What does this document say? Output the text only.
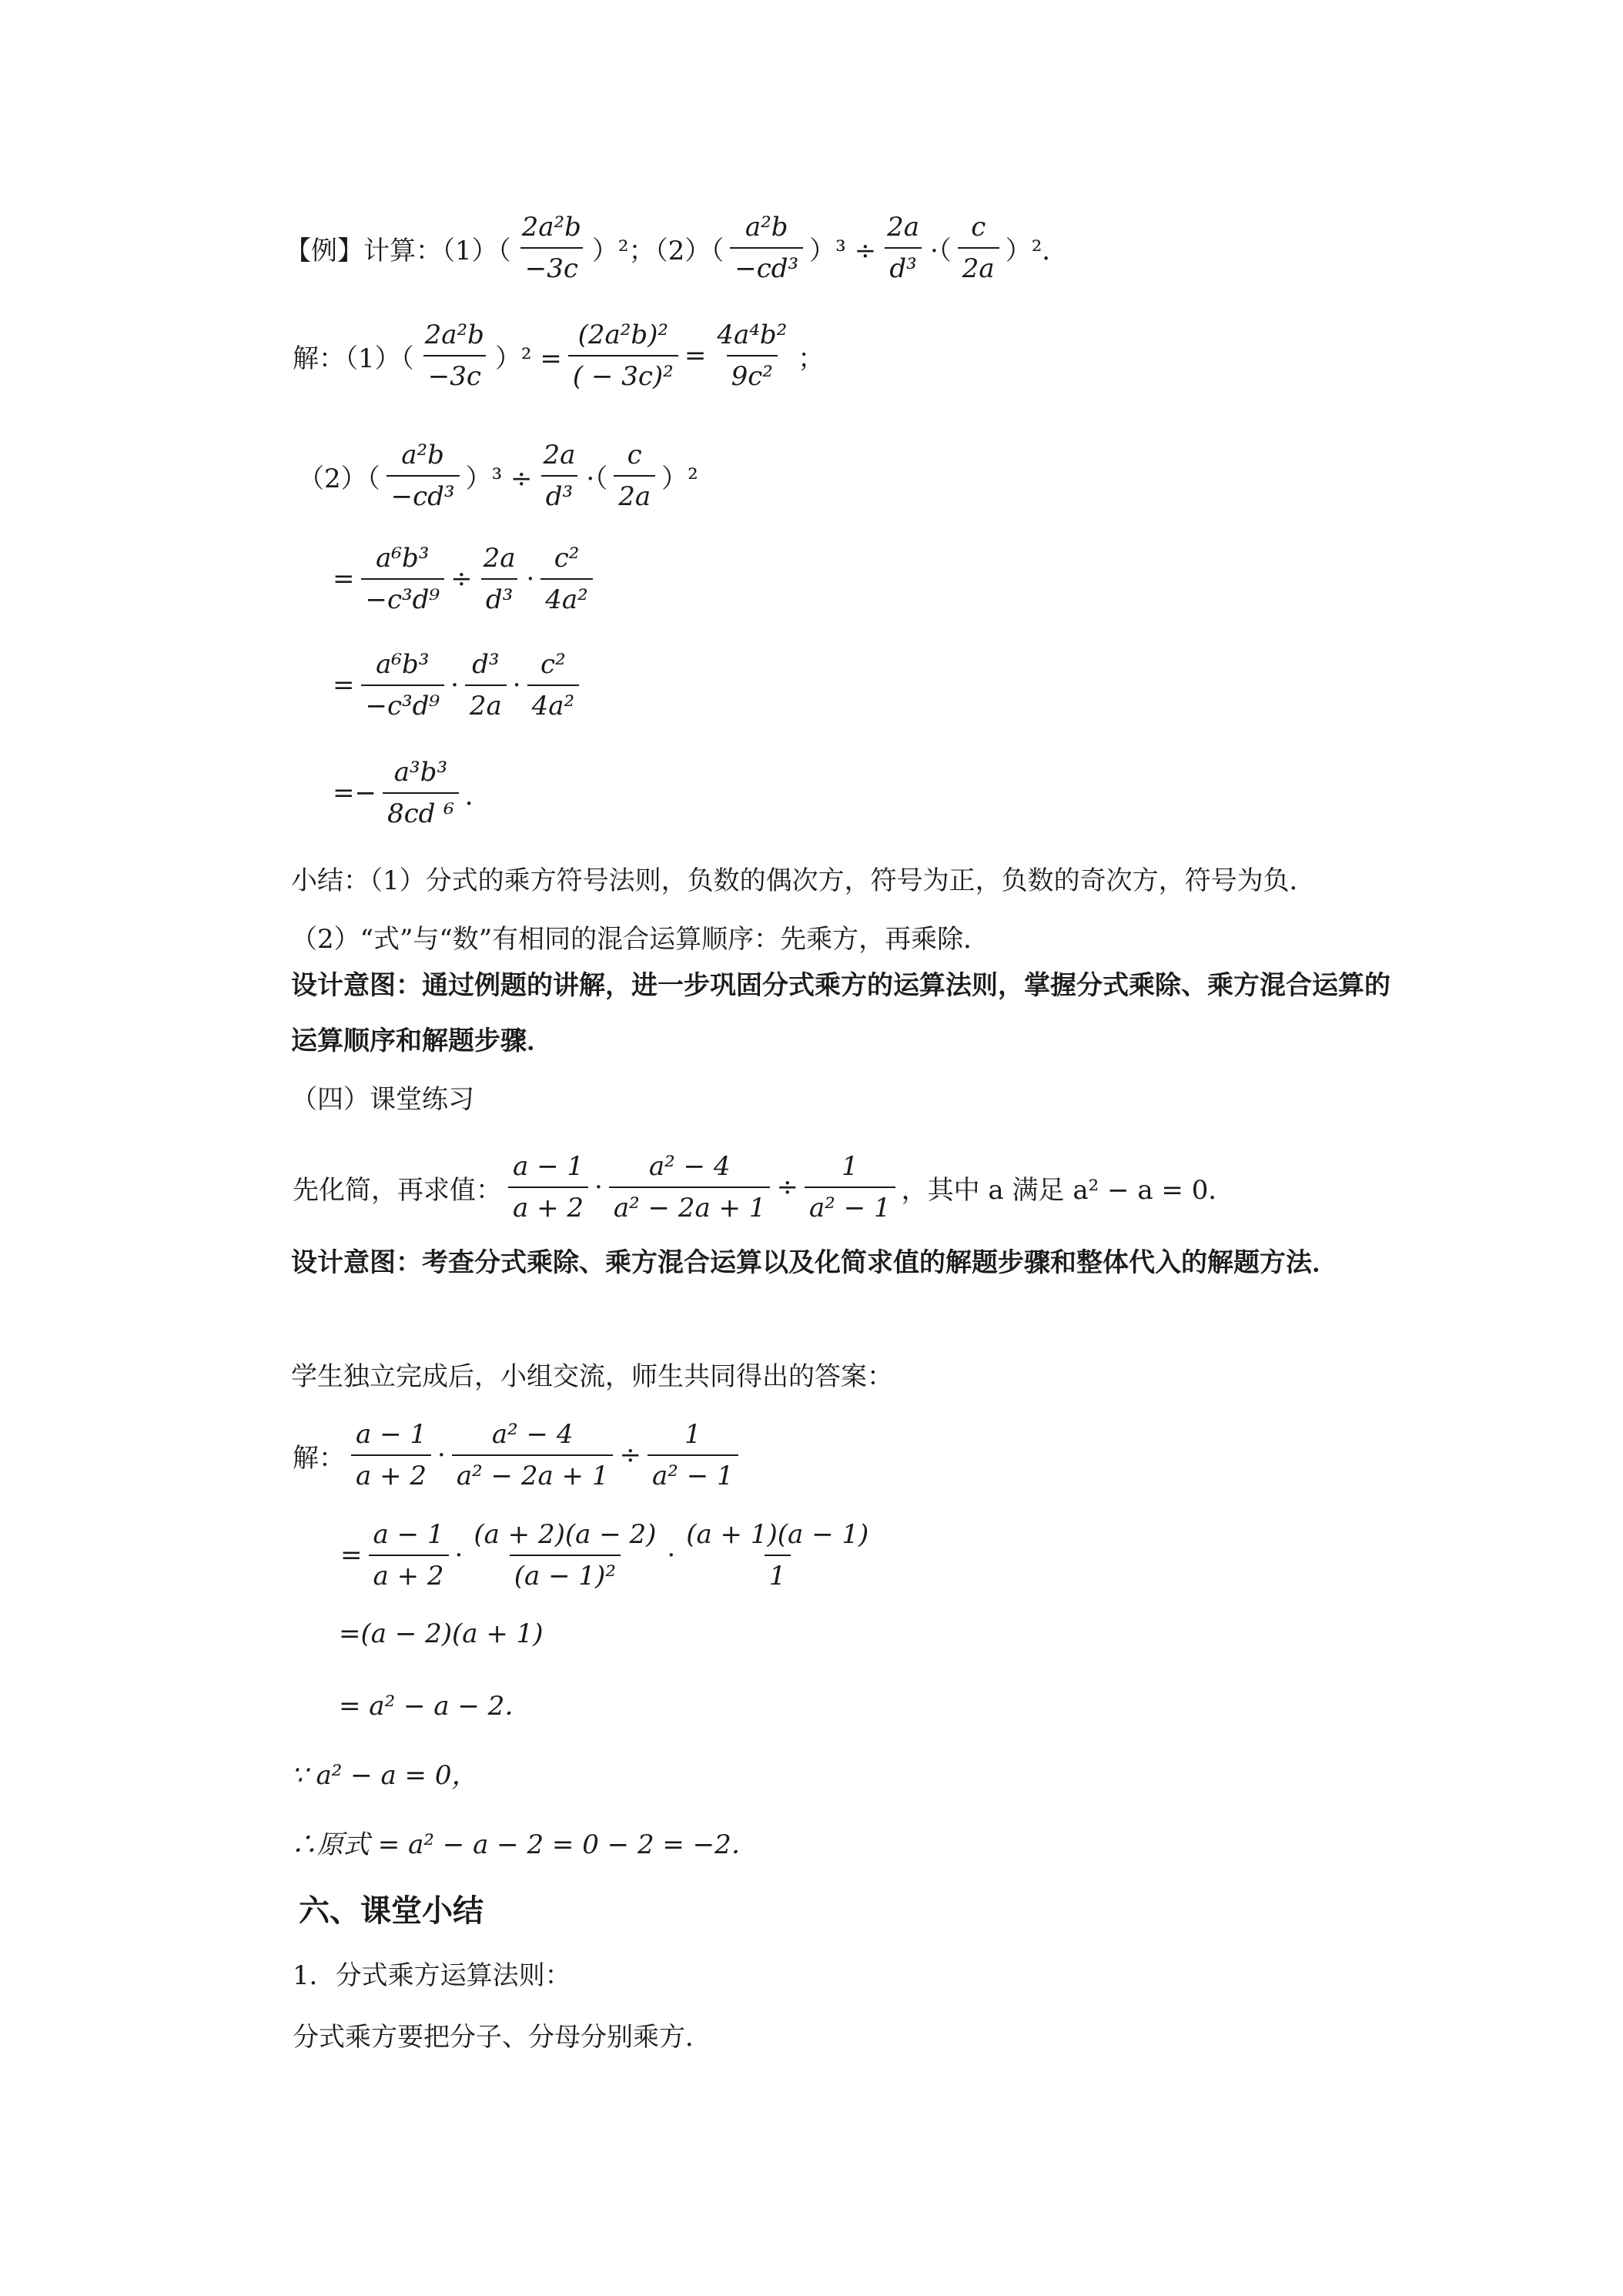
【例】计算：$(1)( \frac{\text{2a²b}}{-3c} )^2$；$(2)( \frac{\text{a²b}}{\text{−cd³}} )^3 \div \frac{2a}{\text{d³}}$ ·（ $\frac{c}{2a} )^2$．
解：$(1)( \frac{\text{2a²b}}{-3c} )^2 = \frac{\text{(2a²b)²}}{\text{( − 3c)²}} = \frac{\text{4a⁴b²}}{\text{9c²}}$ ；
$(2)( \frac{\text{a²b}}{\text{−cd³}} )^3 \div \frac{2a}{\text{d³}}$ ·（ $\frac{c}{2a} )^2$
= $\frac{\text{a⁶b³}}{\text{−c³d⁹}} \div \frac{2a}{\text{d³}} \cdot \frac{\text{c²}}{\text{4a²}}$
= $\frac{\text{a⁶b³}}{\text{−c³d⁹}} \cdot \frac{\text{d³}}{2a} \cdot \frac{\text{c²}}{\text{4a²}}$
=− $\frac{\text{a³b³}}{\text{8cd ⁶}}$ ．
小结：（1）分式的乘方符号法则，负数的偶次方，符号为正，负数的奇次方，符号为负．
（2）“式”与“数”有相同的混合运算顺序：先乘方，再乘除．
设计意图：通过例题的讲解，进一步巩固分式乘方的运算法则，掌握分式乘除、乘方混合运算的运算顺序和解题步骤．
（四）课堂练习
先化简，再求值： $\frac{a - 1}{a + 2} \cdot \frac{\text{a² − 4}}{\text{a² − 2a + 1}} \div \frac{1}{\text{a² − 1}}$ ，其中 a 满足 a² − a = 0．
设计意图：考查分式乘除、乘方混合运算以及化简求值的解题步骤和整体代入的解题方法．
学生独立完成后，小组交流，师生共同得出的答案：
解： $\frac{a - 1}{a + 2} \cdot \frac{\text{a² − 4}}{\text{a² − 2a + 1}} \div \frac{1}{\text{a² − 1}}$
= $\frac{a - 1}{a + 2} \cdot \frac{(a + 2)(a - 2)}{\text{(a − 1)²}} \cdot \frac{(a + 1)(a - 1)}{1}$
=(a − 2)(a + 1)
= a² − a − 2．
∵ a² − a = 0，
∴原式 = a² − a − 2 = 0 − 2 = −2．
六、课堂小结
1．分式乘方运算法则：
分式乘方要把分子、分母分别乘方．
